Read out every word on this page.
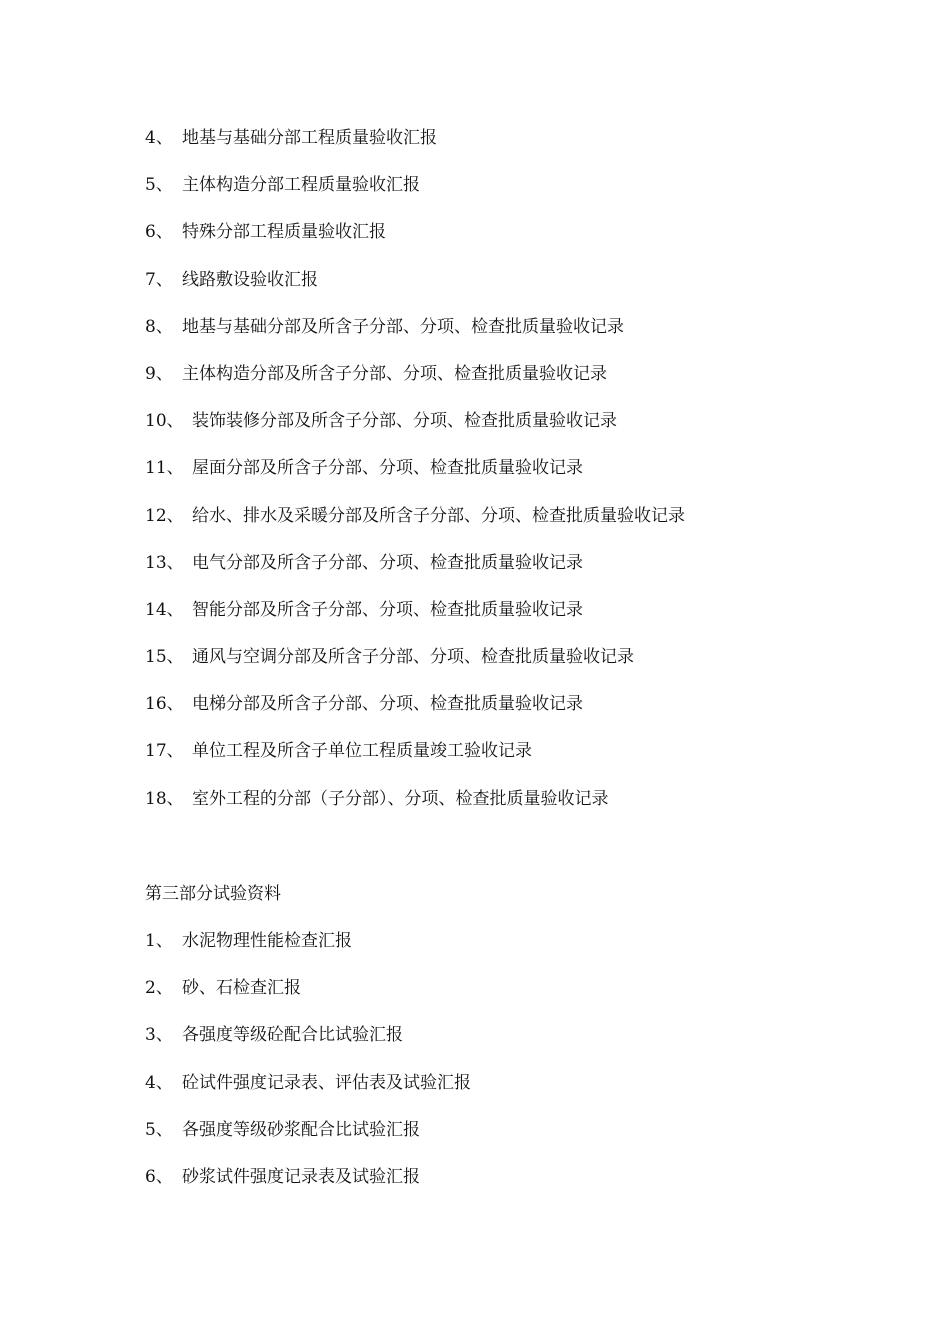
4、 地基与基础分部工程质量验收汇报
5、 主体构造分部工程质量验收汇报
6、 特殊分部工程质量验收汇报
7、 线路敷设验收汇报
8、 地基与基础分部及所含子分部、分项、检查批质量验收记录
9、 主体构造分部及所含子分部、分项、检查批质量验收记录
10、 装饰装修分部及所含子分部、分项、检查批质量验收记录
11、 屋面分部及所含子分部、分项、检查批质量验收记录
12、 给水、排水及采暖分部及所含子分部、分项、检查批质量验收记录
13、 电气分部及所含子分部、分项、检查批质量验收记录
14、 智能分部及所含子分部、分项、检查批质量验收记录
15、 通风与空调分部及所含子分部、分项、检查批质量验收记录
16、 电梯分部及所含子分部、分项、检查批质量验收记录
17、 单位工程及所含子单位工程质量竣工验收记录
18、 室外工程的分部（子分部）、分项、检查批质量验收记录
第三部分试验资料
1、 水泥物理性能检查汇报
2、 砂、石检查汇报
3、 各强度等级砼配合比试验汇报
4、 砼试件强度记录表、评估表及试验汇报
5、 各强度等级砂浆配合比试验汇报
6、 砂浆试件强度记录表及试验汇报
